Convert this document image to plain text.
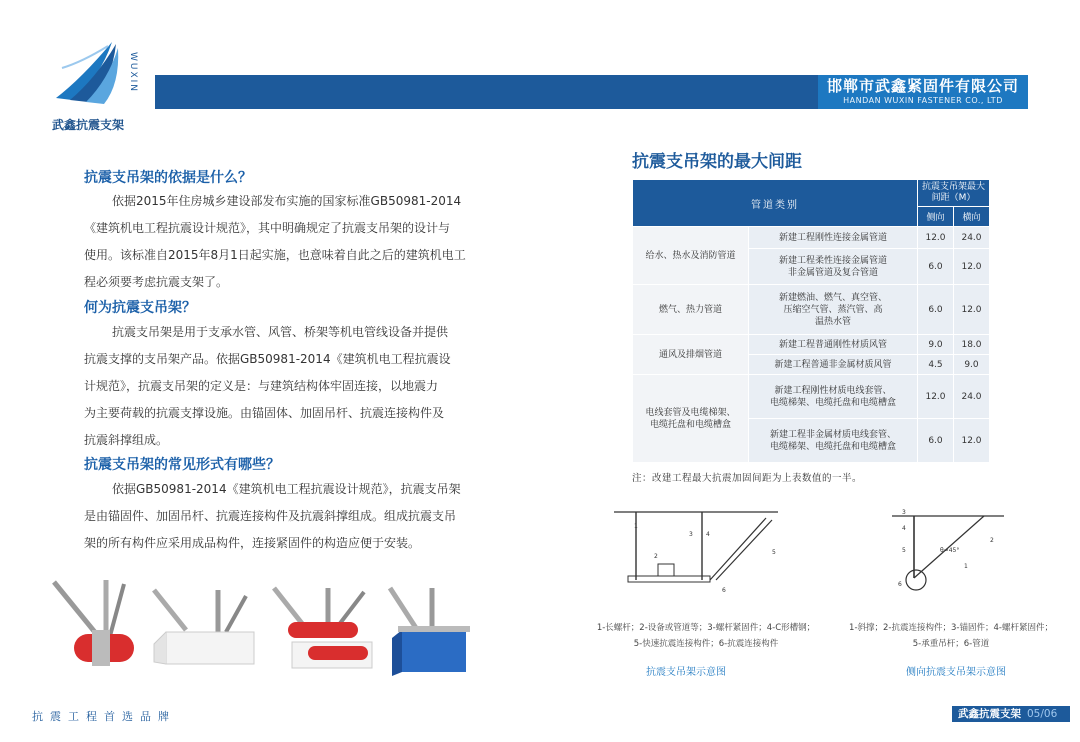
WUXIN
武鑫抗震支架
邯郸市武鑫紧固件有限公司
HANDAN WUXIN FASTENER CO., LTD
抗震支吊架的依据是什么？
依据2015年住房城乡建设部发布实施的国家标准GB50981-2014
《建筑机电工程抗震设计规范》，其中明确规定了抗震支吊架的设计与
使用。该标准自2015年8月1日起实施，也意味着自此之后的建筑机电工
程必须要考虑抗震支架了。
何为抗震支吊架？
抗震支吊架是用于支承水管、风管、桥架等机电管线设备并提供
抗震支撑的支吊架产品。依据GB50981-2014《建筑机电工程抗震设
计规范》，抗震支吊架的定义是：与建筑结构体牢固连接，以地震力
为主要荷载的抗震支撑设施。由锚固体、加固吊杆、抗震连接构件及
抗震斜撑组成。
抗震支吊架的常见形式有哪些？
依据GB50981-2014《建筑机电工程抗震设计规范》，抗震支吊架
是由锚固件、加固吊杆、抗震连接构件及抗震斜撑组成。组成抗震支吊
架的所有构件应采用成品构件，连接紧固件的构造应便于安装。
抗震支吊架的最大间距
管道类别		抗震支吊架最大间距（M）	
		侧向	横向
给水、热水及消防管道	新建工程刚性连接金属管道	12.0	24.0
	新建工程柔性连接金属管道
非金属管道及复合管道	6.0	12.0
燃气、热力管道	新建燃油、燃气、真空管、
压缩空气管、蒸汽管、高
温热水管	6.0	12.0
通风及排烟管道	新建工程普通刚性材质风管	9.0	18.0
	新建工程普通非金属材质风管	4.5	9.0
电线套管及电缆梯架、
电缆托盘和电缆槽盒	新建工程刚性材质电线套管、
电缆梯架、电缆托盘和电缆槽盒	12.0	24.0
	新建工程非金属材质电线套管、
电缆梯架、电缆托盘和电缆槽盒	6.0	12.0
注：改建工程最大抗震加固间距为上表数值的一半。
1
2
3 4
5
6
1-长螺杆；2-设备或管道等；3-螺杆紧固件；4-C形槽钢；
5-快速抗震连接构件；6-抗震连接构件
抗震支吊架示意图
θ=45°
1
2
3
4
5
6
1-斜撑；2-抗震连接构件；3-锚固件；4-螺杆紧固件；
5-承重吊杆；6-管道
侧向抗震支吊架示意图
抗震工程首选品牌	武鑫抗震支架 05/06
